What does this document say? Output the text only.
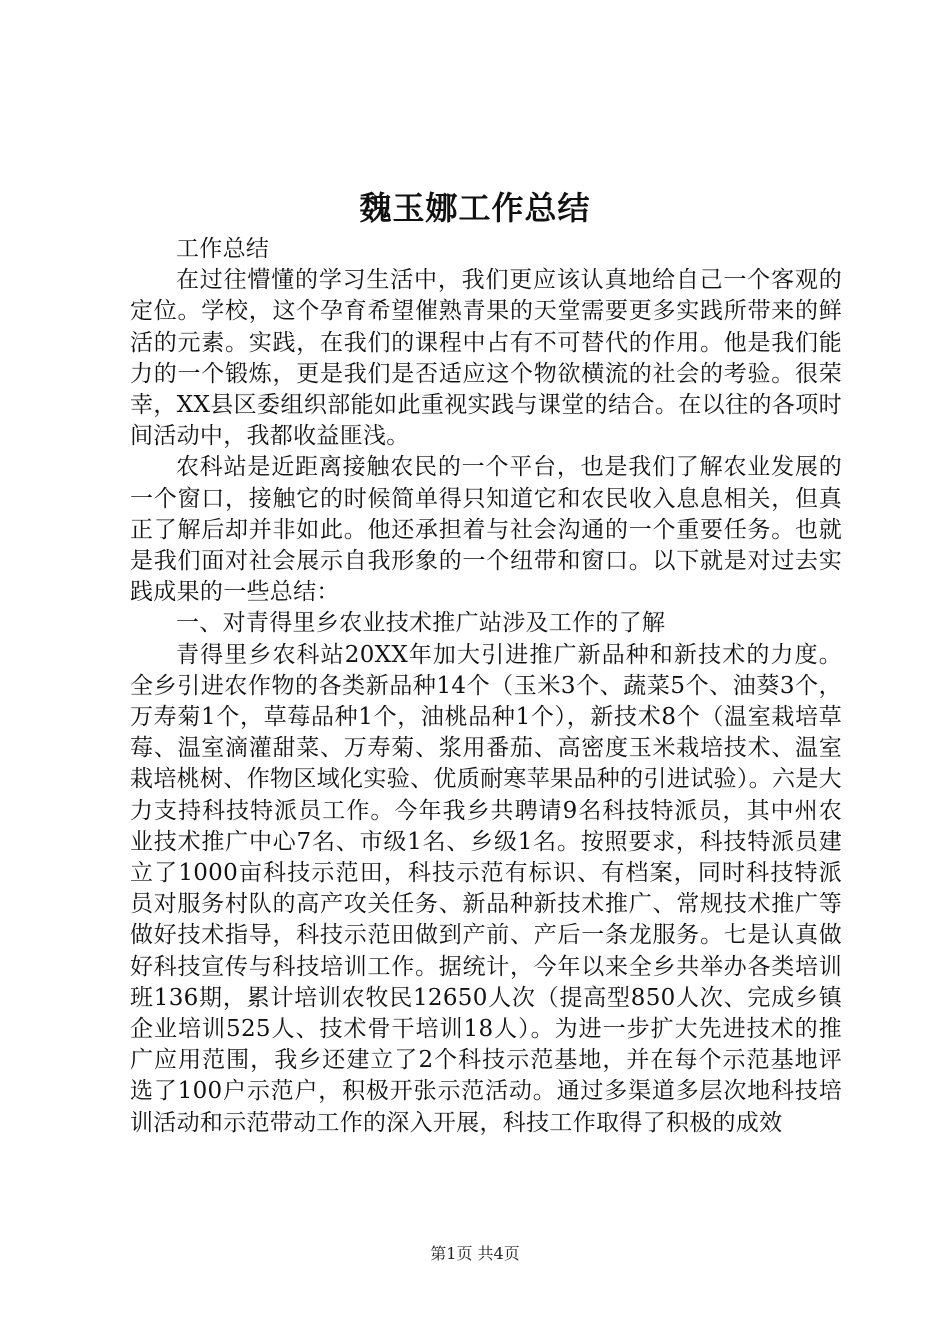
魏玉娜工作总结

工作总结

在过往懵懂的学习生活中，我们更应该认真地给自己一个客观的定位。学校，这个孕育希望催熟青果的天堂需要更多实践所带来的鲜活的元素。实践，在我们的课程中占有不可替代的作用。他是我们能力的一个锻炼，更是我们是否适应这个物欲横流的社会的考验。很荣幸，XX县区委组织部能如此重视实践与课堂的结合。在以往的各项时间活动中，我都收益匪浅。

农科站是近距离接触农民的一个平台，也是我们了解农业发展的一个窗口，接触它的时候简单得只知道它和农民收入息息相关，但真正了解后却并非如此。他还承担着与社会沟通的一个重要任务。也就是我们面对社会展示自我形象的一个纽带和窗口。以下就是对过去实践成果的一些总结：

一、对青得里乡农业技术推广站涉及工作的了解

青得里乡农科站20XX年加大引进推广新品种和新技术的力度。全乡引进农作物的各类新品种14个（玉米3个、蔬菜5个、油葵3个，万寿菊1个，草莓品种1个，油桃品种1个），新技术8个（温室栽培草莓、温室滴灌甜菜、万寿菊、浆用番茄、高密度玉米栽培技术、温室栽培桃树、作物区域化实验、优质耐寒苹果品种的引进试验）。六是大力支持科技特派员工作。今年我乡共聘请9名科技特派员，其中州农业技术推广中心7名、市级1名、乡级1名。按照要求，科技特派员建立了1000亩科技示范田，科技示范有标识、有档案，同时科技特派员对服务村队的高产攻关任务、新品种新技术推广、常规技术推广等做好技术指导，科技示范田做到产前、产后一条龙服务。七是认真做好科技宣传与科技培训工作。据统计，今年以来全乡共举办各类培训班136期，累计培训农牧民12650人次（提高型850人次、完成乡镇企业培训525人、技术骨干培训18人）。为进一步扩大先进技术的推广应用范围，我乡还建立了2个科技示范基地，并在每个示范基地评选了100户示范户，积极开张示范活动。通过多渠道多层次地科技培训活动和示范带动工作的深入开展，科技工作取得了积极的成效

第1页 共4页
